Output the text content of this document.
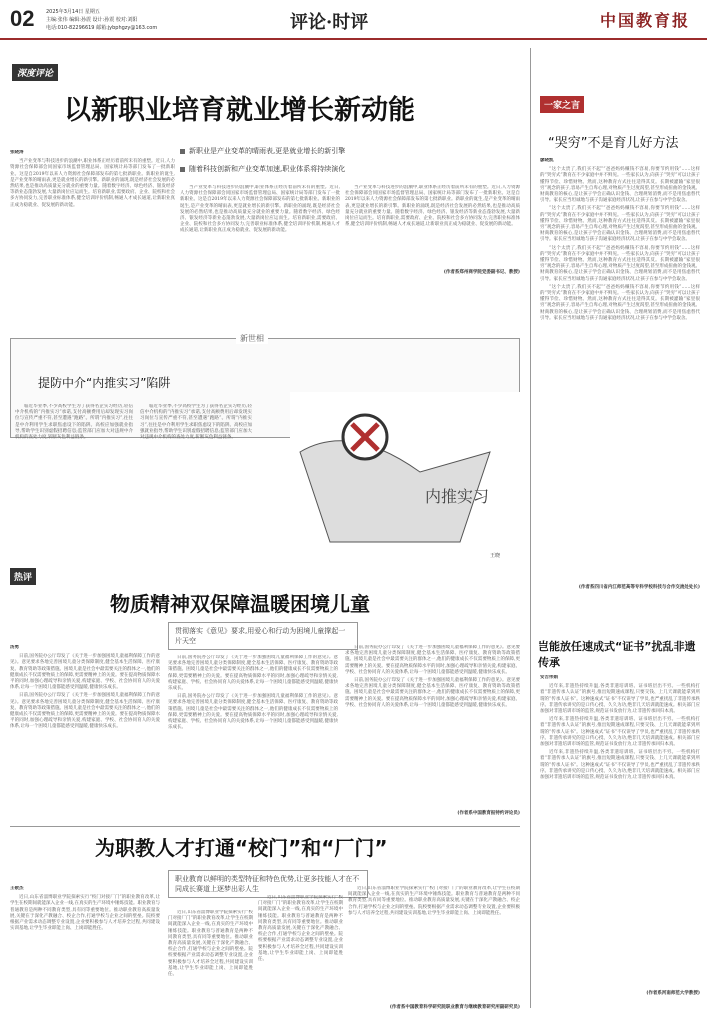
02 2025年3月14日 星期五
主编:张伟 编辑:孙震 设计:孙震 校对:刘阳
电话:010-82296619 邮箱:jybphgzy@163.com	评论·时评	中国教育报
深度评论
以新职业培育就业增长新动能
新职业是产业变革的晴雨表,更是就业增长的新引擎
随着科技创新和产业变革加速,职业体系将持续演化
张晓涛

当产业变革与科技进步的浪潮中,职业体系正经历着前所未有的重塑。近日,人力资源社会保障部会同国家市场监督管理总局、国家统计局等部门发布了一批新职业。这是自2019年以来人力资源社会保障部发布的第七批新职业。新职业的诞生,是产业变革的晴雨表,更是就业增长的新引擎。新职业的涌现,既是经济社会发展的必然结果,也是推动高质量充分就业的重要力量。随着数字经济、绿色经济、银发经济等新业态蓬勃发展,大量新岗位应运而生。培育新职业,需要政府、企业、院校和社会多方协同发力,完善职业标准体系,健全培训评价机制,畅通人才成长通道,让新职业真正成为稳就业、促发展的新动能。

当产业变革与科技进步的浪潮中,职业体系正经历着前所未有的重塑。近日,人力资源社会保障部会同国家市场监督管理总局、国家统计局等部门发布了一批新职业。这是自2019年以来人力资源社会保障部发布的第七批新职业。新职业的诞生,是产业变革的晴雨表,更是就业增长的新引擎。新职业的涌现,既是经济社会发展的必然结果,也是推动高质量充分就业的重要力量。随着数字经济、绿色经济、银发经济等新业态蓬勃发展,大量新岗位应运而生。培育新职业,需要政府、企业、院校和社会多方协同发力,完善职业标准体系,健全培训评价机制,畅通人才成长通道,让新职业真正成为稳就业、促发展的新动能。

当产业变革与科技进步的浪潮中,职业体系正经历着前所未有的重塑。近日,人力资源社会保障部会同国家市场监督管理总局、国家统计局等部门发布了一批新职业。这是自2019年以来人力资源社会保障部发布的第七批新职业。新职业的诞生,是产业变革的晴雨表,更是就业增长的新引擎。新职业的涌现,既是经济社会发展的必然结果,也是推动高质量充分就业的重要力量。随着数字经济、绿色经济、银发经济等新业态蓬勃发展,大量新岗位应运而生。培育新职业,需要政府、企业、院校和社会多方协同发力,完善职业标准体系,健全培训评价机制,畅通人才成长通道,让新职业真正成为稳就业、促发展的新动能。

(作者系郑州商学院党委副书记、教授)
一家之言
“哭穷”不是育儿好方法
廖晓凯

“这个太贵了,我们买不起”“爸爸妈妈赚钱不容易,你要节约用钱”……这样的“哭穷式”教育在不少家庭中并不鲜见。一些家长认为,向孩子“哭穷”可以让孩子懂得节俭、珍惜财物。然而,这种教育方式往往适得其反。长期被灌输“家里很穷”观念的孩子,容易产生自卑心理,对物质产生过度渴望,甚至形成扭曲的金钱观。财商教育的核心,是让孩子学会正确认识金钱、合理规划消费,而不是用焦虑替代引导。家长应当坦诚地与孩子沟通家庭经济状况,让孩子在参与中学会取舍。

“这个太贵了,我们买不起”“爸爸妈妈赚钱不容易,你要节约用钱”……这样的“哭穷式”教育在不少家庭中并不鲜见。一些家长认为,向孩子“哭穷”可以让孩子懂得节俭、珍惜财物。然而,这种教育方式往往适得其反。长期被灌输“家里很穷”观念的孩子,容易产生自卑心理,对物质产生过度渴望,甚至形成扭曲的金钱观。财商教育的核心,是让孩子学会正确认识金钱、合理规划消费,而不是用焦虑替代引导。家长应当坦诚地与孩子沟通家庭经济状况,让孩子在参与中学会取舍。

“这个太贵了,我们买不起”“爸爸妈妈赚钱不容易,你要节约用钱”……这样的“哭穷式”教育在不少家庭中并不鲜见。一些家长认为,向孩子“哭穷”可以让孩子懂得节俭、珍惜财物。然而,这种教育方式往往适得其反。长期被灌输“家里很穷”观念的孩子,容易产生自卑心理,对物质产生过度渴望,甚至形成扭曲的金钱观。财商教育的核心,是让孩子学会正确认识金钱、合理规划消费,而不是用焦虑替代引导。家长应当坦诚地与孩子沟通家庭经济状况,让孩子在参与中学会取舍。

“这个太贵了,我们买不起”“爸爸妈妈赚钱不容易,你要节约用钱”……这样的“哭穷式”教育在不少家庭中并不鲜见。一些家长认为,向孩子“哭穷”可以让孩子懂得节俭、珍惜财物。然而,这种教育方式往往适得其反。长期被灌输“家里很穷”观念的孩子,容易产生自卑心理,对物质产生过度渴望,甚至形成扭曲的金钱观。财商教育的核心,是让孩子学会正确认识金钱、合理规划消费,而不是用焦虑替代引导。家长应当坦诚地与孩子沟通家庭经济状况,让孩子在参与中学会取舍。

(作者系四川省内江师范高等专科学校科技与合作交流处处长)
新世相
提防中介“内推实习”陷阱

临近毕业季,不少高校学生为了获得名企实习经历,轻信中介机构的“内推实习”承诺,支付高额费用后却发现实习岗位与宣传严重不符,甚至遭遇“跑路”。所谓“内推实习”,往往是中介利用学生求职焦虑设下的陷阱。高校应加强就业指导,帮助学生识别虚假招聘信息;监管部门应加大对违规中介机构的查处力度,斩断灰色利益链条。

临近毕业季,不少高校学生为了获得名企实习经历,轻信中介机构的“内推实习”承诺,支付高额费用后却发现实习岗位与宣传严重不符,甚至遭遇“跑路”。所谓“内推实习”,往往是中介利用学生求职焦虑设下的陷阱。高校应加强就业指导,帮助学生识别虚假招聘信息;监管部门应加大对违规中介机构的查处力度,斩断灰色利益链条。

内推实习
王晓
热评
物质精神双保障温暖困境儿童
贯彻落实《意见》要求,用爱心和行动为困境儿童撑起一片天空
汤勇

日前,国务院办公厅印发了《关于进一步加强困境儿童福利保障工作的意见》。意见要求各地完善困境儿童分类保障制度,健全基本生活保障、医疗康复、教育资助等政策措施。困境儿童是社会中最需要关注的群体之一,他们的健康成长不仅需要物质上的保障,更需要精神上的关爱。要在提高物质保障水平的同时,加强心理疏导和亲情关爱,构建家庭、学校、社会协同育人的关爱体系,让每一个困境儿童都能感受到温暖,健康快乐成长。

日前,国务院办公厅印发了《关于进一步加强困境儿童福利保障工作的意见》。意见要求各地完善困境儿童分类保障制度,健全基本生活保障、医疗康复、教育资助等政策措施。困境儿童是社会中最需要关注的群体之一,他们的健康成长不仅需要物质上的保障,更需要精神上的关爱。要在提高物质保障水平的同时,加强心理疏导和亲情关爱,构建家庭、学校、社会协同育人的关爱体系,让每一个困境儿童都能感受到温暖,健康快乐成长。

日前,国务院办公厅印发了《关于进一步加强困境儿童福利保障工作的意见》。意见要求各地完善困境儿童分类保障制度,健全基本生活保障、医疗康复、教育资助等政策措施。困境儿童是社会中最需要关注的群体之一,他们的健康成长不仅需要物质上的保障,更需要精神上的关爱。要在提高物质保障水平的同时,加强心理疏导和亲情关爱,构建家庭、学校、社会协同育人的关爱体系,让每一个困境儿童都能感受到温暖,健康快乐成长。

日前,国务院办公厅印发了《关于进一步加强困境儿童福利保障工作的意见》。意见要求各地完善困境儿童分类保障制度,健全基本生活保障、医疗康复、教育资助等政策措施。困境儿童是社会中最需要关注的群体之一,他们的健康成长不仅需要物质上的保障,更需要精神上的关爱。要在提高物质保障水平的同时,加强心理疏导和亲情关爱,构建家庭、学校、社会协同育人的关爱体系,让每一个困境儿童都能感受到温暖,健康快乐成长。

日前,国务院办公厅印发了《关于进一步加强困境儿童福利保障工作的意见》。意见要求各地完善困境儿童分类保障制度,健全基本生活保障、医疗康复、教育资助等政策措施。困境儿童是社会中最需要关注的群体之一,他们的健康成长不仅需要物质上的保障,更需要精神上的关爱。要在提高物质保障水平的同时,加强心理疏导和亲情关爱,构建家庭、学校、社会协同育人的关爱体系,让每一个困境儿童都能感受到温暖,健康快乐成长。

日前,国务院办公厅印发了《关于进一步加强困境儿童福利保障工作的意见》。意见要求各地完善困境儿童分类保障制度,健全基本生活保障、医疗康复、教育资助等政策措施。困境儿童是社会中最需要关注的群体之一,他们的健康成长不仅需要物质上的保障,更需要精神上的关爱。要在提高物质保障水平的同时,加强心理疏导和亲情关爱,构建家庭、学校、社会协同育人的关爱体系,让每一个困境儿童都能感受到温暖,健康快乐成长。

(作者系中国教育报特约评论员)
岂能放任速成式“证书”扰乱非遗传承
安吉伟娟

近年来,非遗热持续升温,各类非遗培训班、证书班层出不穷。一些机构打着“非遗传承人认证”的旗号,推出短期速成课程,只要交钱、上几天课就能拿到所谓的“传承人证书”。这种速成式“证书”不仅误导了学员,也严重扰乱了非遗传承秩序。非遗传承讲究的是口传心授、久久为功,绝非几天培训就能速成。相关部门应加强对非遗培训市场的监管,规范证书发放行为,让非遗传承回归本真。

近年来,非遗热持续升温,各类非遗培训班、证书班层出不穷。一些机构打着“非遗传承人认证”的旗号,推出短期速成课程,只要交钱、上几天课就能拿到所谓的“传承人证书”。这种速成式“证书”不仅误导了学员,也严重扰乱了非遗传承秩序。非遗传承讲究的是口传心授、久久为功,绝非几天培训就能速成。相关部门应加强对非遗培训市场的监管,规范证书发放行为,让非遗传承回归本真。

近年来,非遗热持续升温,各类非遗培训班、证书班层出不穷。一些机构打着“非遗传承人认证”的旗号,推出短期速成课程,只要交钱、上几天课就能拿到所谓的“传承人证书”。这种速成式“证书”不仅误导了学员,也严重扰乱了非遗传承秩序。非遗传承讲究的是口传心授、久久为功,绝非几天培训就能速成。相关部门应加强对非遗培训市场的监管,规范证书发放行为,让非遗传承回归本真。

(作者系河南师范大学教授)
为职教人才打通“校门”和“厂门”
职业教育以鲜明的类型特征和特色优势,让更多技能人才在不同成长赛道上逐梦出彩人生
王敬杰

近日,山东省淄博职业学院探索实行“校门对接厂门”的职业教育改革,让学生在校期间就能深入企业一线,在真实的生产环境中锤炼技能。职业教育与普通教育是两种不同教育类型,具有同等重要地位。推动职业教育高质量发展,关键在于深化产教融合、校企合作,打通学校与企业之间的壁垒。院校要根据产业需求动态调整专业设置,企业要积极参与人才培养全过程,共同建设实训基地,让学生毕业即能上岗、上岗即能胜任。

近日,山东省淄博职业学院探索实行“校门对接厂门”的职业教育改革,让学生在校期间就能深入企业一线,在真实的生产环境中锤炼技能。职业教育与普通教育是两种不同教育类型,具有同等重要地位。推动职业教育高质量发展,关键在于深化产教融合、校企合作,打通学校与企业之间的壁垒。院校要根据产业需求动态调整专业设置,企业要积极参与人才培养全过程,共同建设实训基地,让学生毕业即能上岗、上岗即能胜任。

近日,山东省淄博职业学院探索实行“校门对接厂门”的职业教育改革,让学生在校期间就能深入企业一线,在真实的生产环境中锤炼技能。职业教育与普通教育是两种不同教育类型,具有同等重要地位。推动职业教育高质量发展,关键在于深化产教融合、校企合作,打通学校与企业之间的壁垒。院校要根据产业需求动态调整专业设置,企业要积极参与人才培养全过程,共同建设实训基地,让学生毕业即能上岗、上岗即能胜任。

近日,山东省淄博职业学院探索实行“校门对接厂门”的职业教育改革,让学生在校期间就能深入企业一线,在真实的生产环境中锤炼技能。职业教育与普通教育是两种不同教育类型,具有同等重要地位。推动职业教育高质量发展,关键在于深化产教融合、校企合作,打通学校与企业之间的壁垒。院校要根据产业需求动态调整专业设置,企业要积极参与人才培养全过程,共同建设实训基地,让学生毕业即能上岗、上岗即能胜任。

(作者系中国教育科学研究院职业教育与继续教育研究所副研究员)
